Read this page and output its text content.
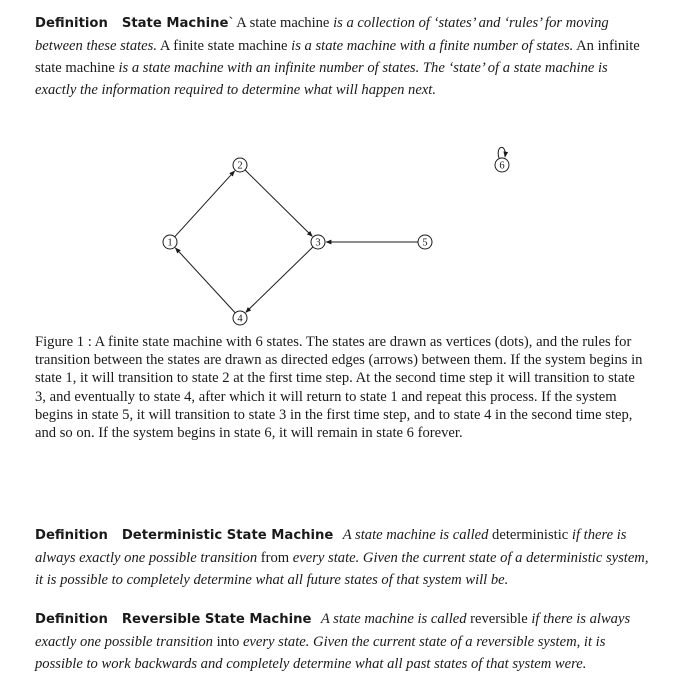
Definition State Machine` A state machine is a collection of ‘states’ and ‘rules’ for moving between these states. A finite state machine is a state machine with a finite number of states. An infinite state machine is a state machine with an infinite number of states. The ‘state’ of a state machine is exactly the information required to determine what will happen next.

1
2
3
4
5
6

Figure 1 : A finite state machine with 6 states. The states are drawn as vertices (dots), and the rules for transition between the states are drawn as directed edges (arrows) between them. If the system begins in state 1, it will transition to state 2 at the first time step. At the second time step it will transition to state 3, and eventually to state 4, after which it will return to state 1 and repeat this process. If the system begins in state 5, it will transition to state 3 in the first time step, and to state 4 in the second time step, and so on. If the system begins in state 6, it will remain in state 6 forever.

Definition Deterministic State Machine A state machine is called deterministic if there is always exactly one possible transition from every state. Given the current state of a deterministic system, it is possible to completely determine what all future states of that system will be.

Definition Reversible State Machine A state machine is called reversible if there is always exactly one possible transition into every state. Given the current state of a reversible system, it is possible to work backwards and completely determine what all past states of that system were.
